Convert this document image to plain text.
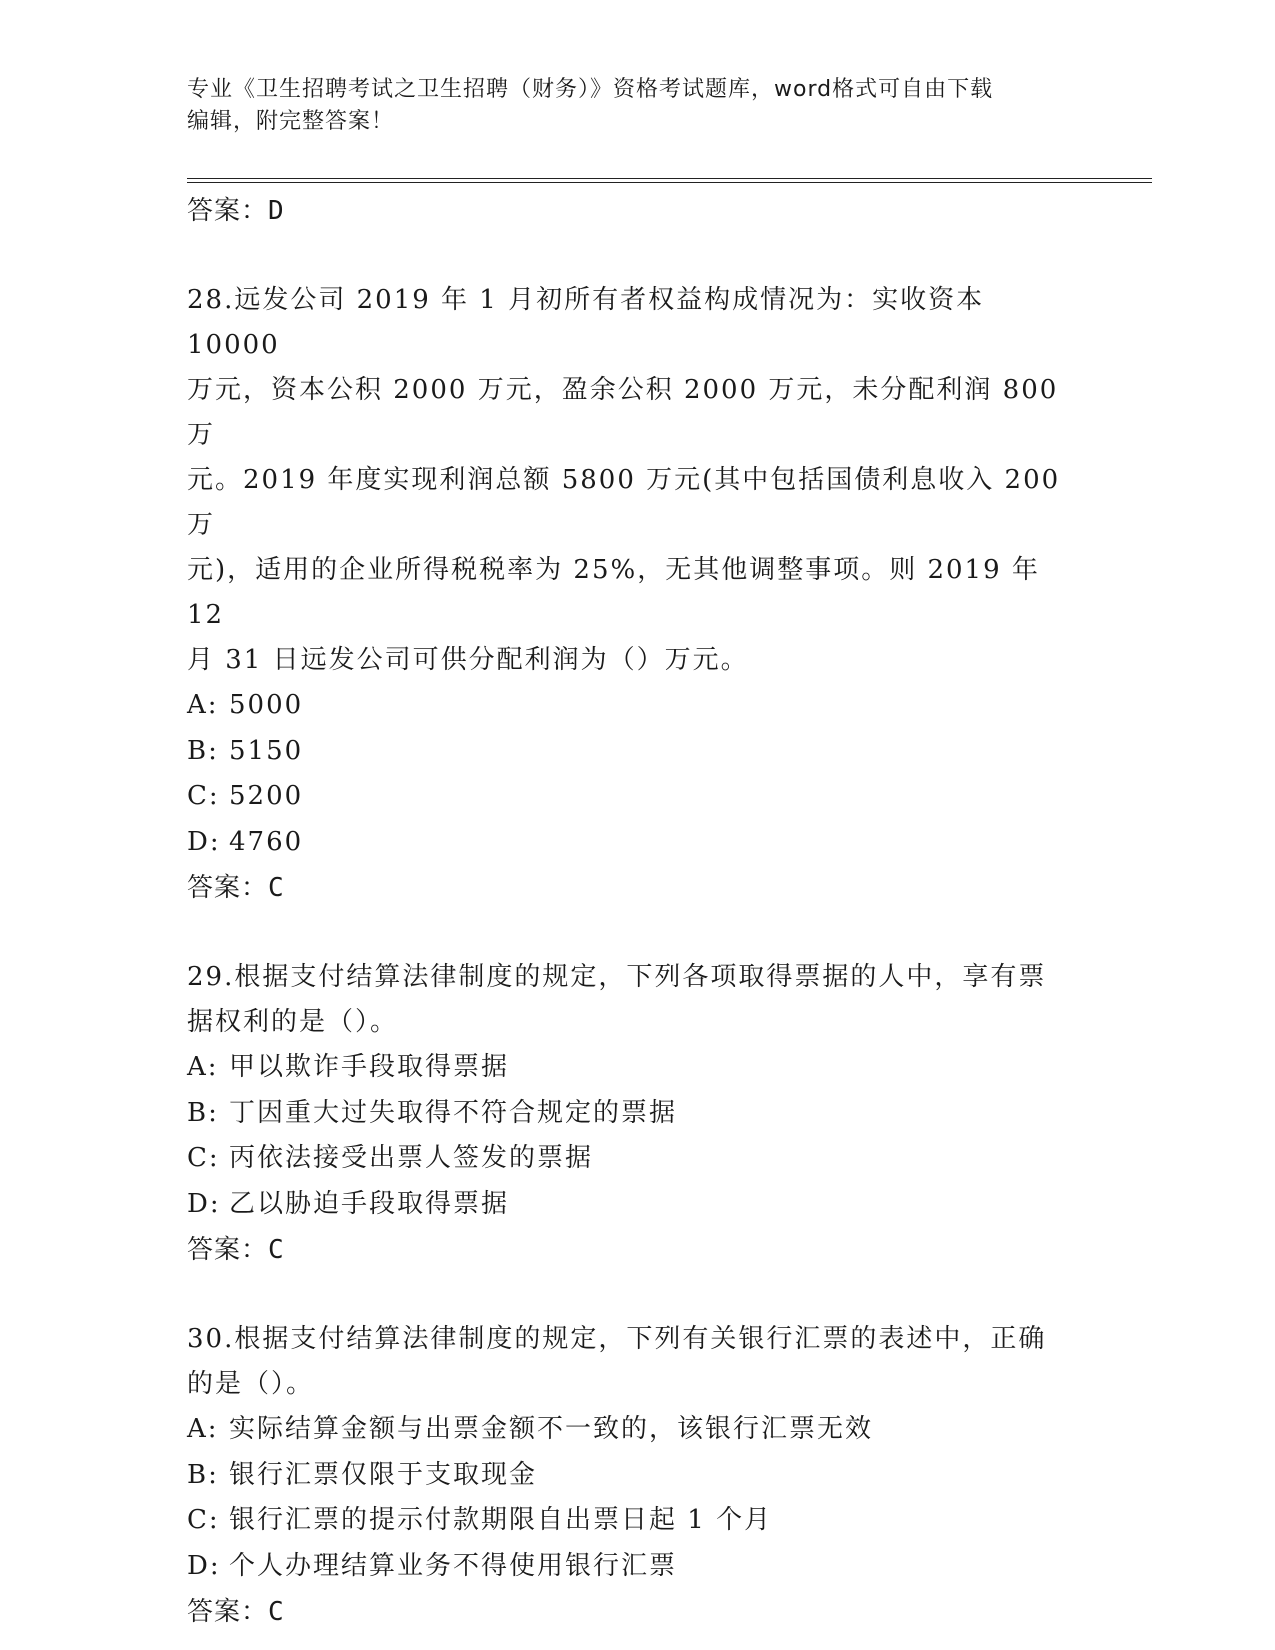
专业《卫生招聘考试之卫生招聘（财务）》资格考试题库，word格式可自由下载
编辑，附完整答案！
答案：D
28.远发公司 2019 年 1 月初所有者权益构成情况为：实收资本 10000
万元，资本公积 2000 万元，盈余公积 2000 万元，未分配利润 800 万
元。2019 年度实现利润总额 5800 万元(其中包括国债利息收入 200 万
元)，适用的企业所得税税率为 25%，无其他调整事项。则 2019 年 12
月 31 日远发公司可供分配利润为（）万元。
A: 5000
B: 5150
C: 5200
D: 4760
答案：C
29.根据支付结算法律制度的规定，下列各项取得票据的人中，享有票
据权利的是（）。
A: 甲以欺诈手段取得票据
B: 丁因重大过失取得不符合规定的票据
C: 丙依法接受出票人签发的票据
D: 乙以胁迫手段取得票据
答案：C
30.根据支付结算法律制度的规定，下列有关银行汇票的表述中，正确
的是（）。
A: 实际结算金额与出票金额不一致的，该银行汇票无效
B: 银行汇票仅限于支取现金
C: 银行汇票的提示付款期限自出票日起 1 个月
D: 个人办理结算业务不得使用银行汇票
答案：C
